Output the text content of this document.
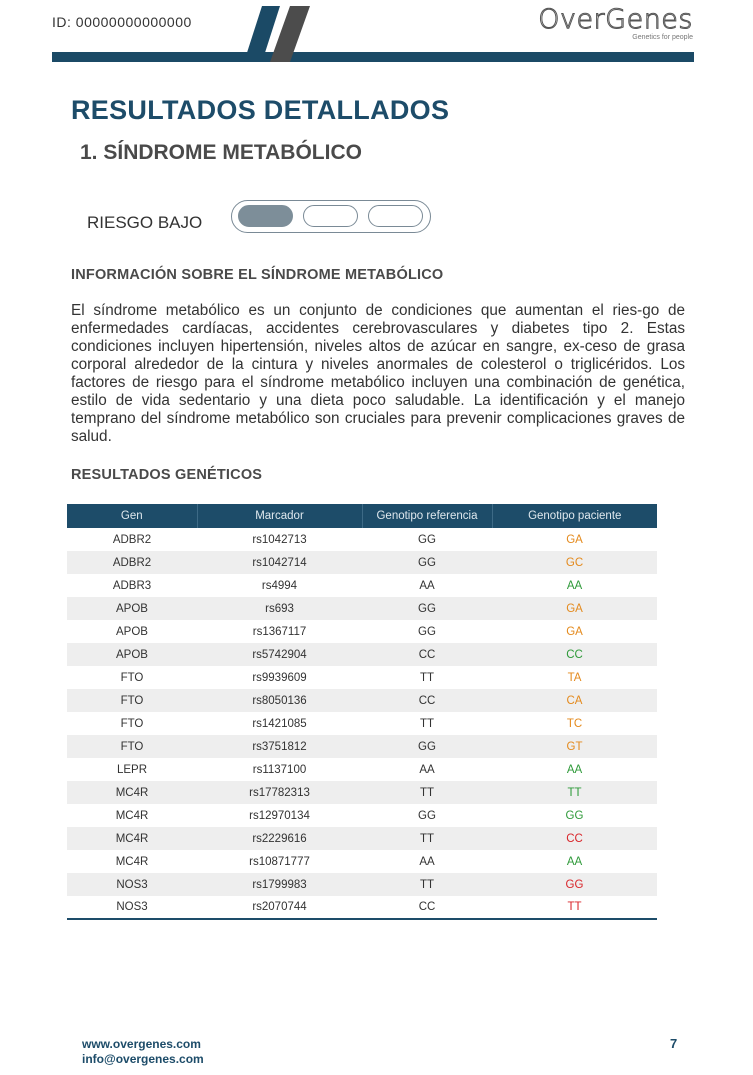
ID: 00000000000000	OverGenes
Genetics for people
RESULTADOS DETALLADOS
1. SÍNDROME METABÓLICO
RIESGO BAJO
INFORMACIÓN SOBRE EL SÍNDROME METABÓLICO
El síndrome metabólico es un conjunto de condiciones que aumentan el ries-go de enfermedades cardíacas, accidentes cerebrovasculares y diabetes tipo 2. Estas condiciones incluyen hipertensión, niveles altos de azúcar en sangre, ex-ceso de grasa corporal alrededor de la cintura y niveles anormales de colesterol o triglicéridos. Los factores de riesgo para el síndrome metabólico incluyen una combinación de genética, estilo de vida sedentario y una dieta poco saludable. La identificación y el manejo temprano del síndrome metabólico son cruciales para prevenir complicaciones graves de salud.
RESULTADOS GENÉTICOS
Gen	Marcador	Genotipo referencia	Genotipo paciente
ADBR2	rs1042713	GG	GA
ADBR2	rs1042714	GG	GC
ADBR3	rs4994	AA	AA
APOB	rs693	GG	GA
APOB	rs1367117	GG	GA
APOB	rs5742904	CC	CC
FTO	rs9939609	TT	TA
FTO	rs8050136	CC	CA
FTO	rs1421085	TT	TC
FTO	rs3751812	GG	GT
LEPR	rs1137100	AA	AA
MC4R	rs17782313	TT	TT
MC4R	rs12970134	GG	GG
MC4R	rs2229616	TT	CC
MC4R	rs10871777	AA	AA
NOS3	rs1799983	TT	GG
NOS3	rs2070744	CC	TT
www.overgenes.com
info@overgenes.com
7
